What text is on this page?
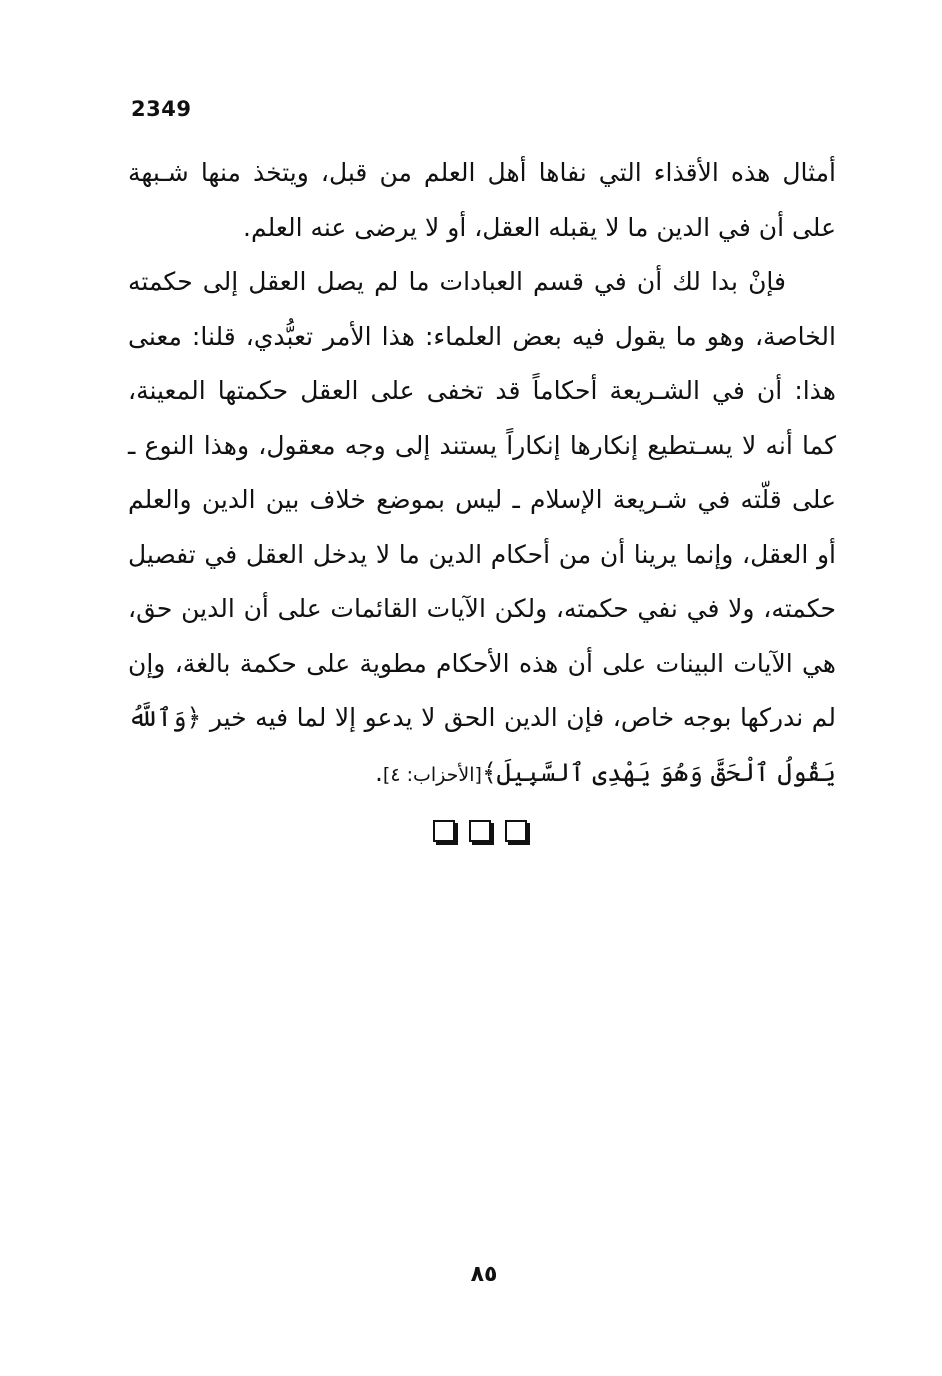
2349

أمثال هذه الأقذاء التي نفاها أهل العلم من قبل، ويتخذ منها شـبهة على أن في الدين ما لا يقبله العقل، أو لا يرضى عنه العلم.

فإنْ بدا لك أن في قسم العبادات ما لم يصل العقل إلى حكمته الخاصة، وهو ما يقول فيه بعض العلماء: هذا الأمر تعبُّدي، قلنا: معنى هذا: أن في الشـريعة أحكاماً قد تخفى على العقل حكمتها المعينة، كما أنه لا يسـتطيع إنكارها إنكاراً يستند إلى وجه معقول، وهذا النوع ـ على قلّته في شـريعة الإسلام ـ ليس بموضع خلاف بين الدين والعلم أو العقل، وإنما يرينا أن من أحكام الدين ما لا يدخل العقل في تفصيل حكمته، ولا في نفي حكمته، ولكن الآيات القائمات على أن الدين حق، هي الآيات البينات على أن هذه الأحكام مطوية على حكمة بالغة، وإن لم ندركها بوجه خاص، فإن الدين الحق لا يدعو إلا لما فيه خير ﴿وَٱللَّهُ يَقُولُ ٱلْحَقَّ وَهُوَ يَهْدِى ٱلسَّبِيلَ﴾[الأحزاب: ٤].

٨٥
